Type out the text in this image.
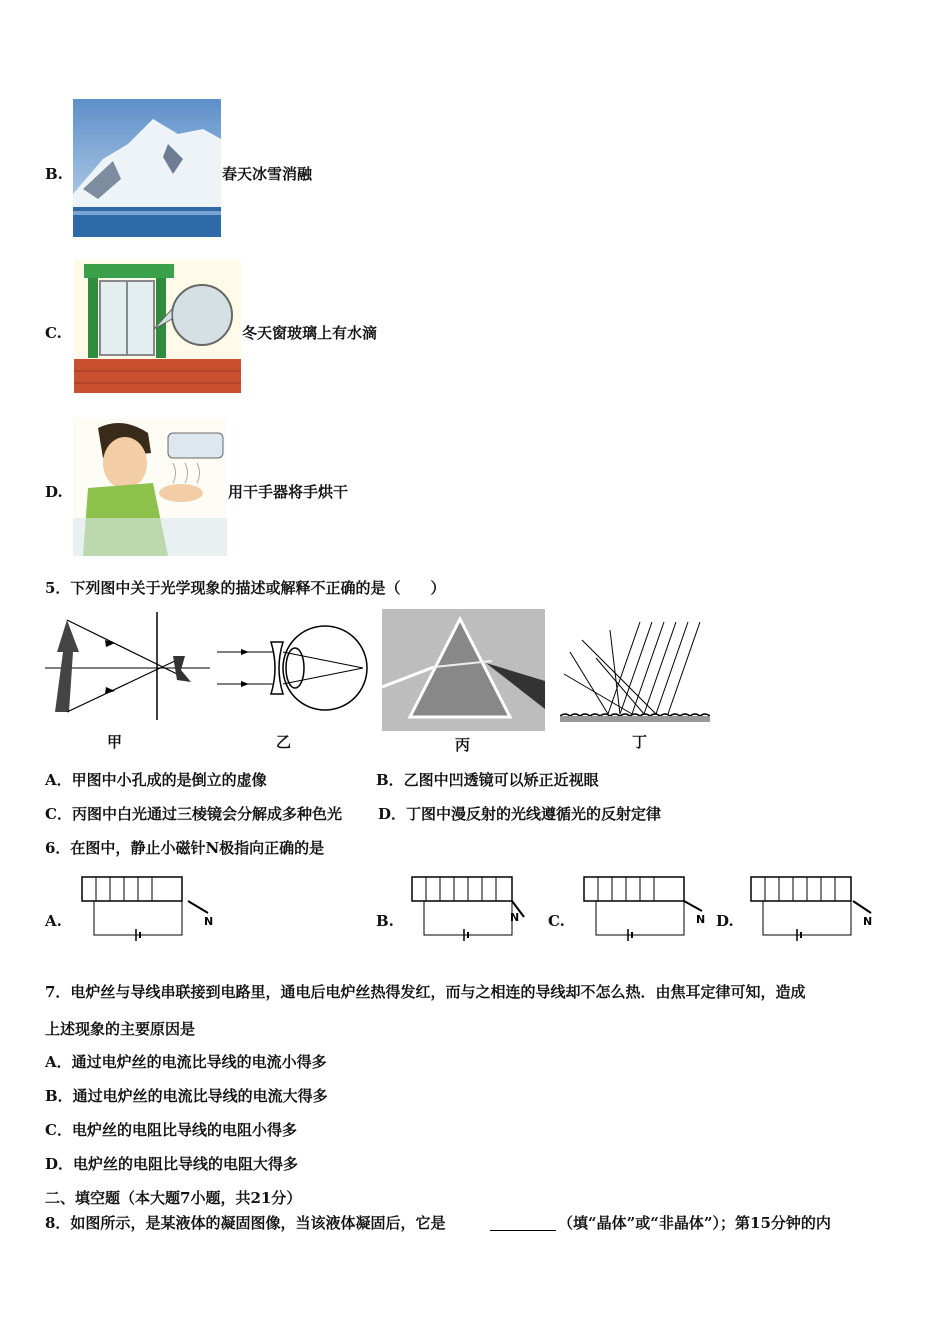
B.	春天冰雪消融
C.	冬天窗玻璃上有水滴
D.	用干手器将手烘干
5．下列图中关于光学现象的描述或解释不正确的是（　　）
甲	乙	丙	丁
A．甲图中小孔成的是倒立的虚像	B．乙图中凹透镜可以矫正近视眼
C．丙图中白光通过三棱镜会分解成多种色光 D．丁图中漫反射的光线遵循光的反射定律
6．在图中，静止小磁针N极指向正确的是
A.	N	B.	N C.	N D.	N
7．电炉丝与导线串联接到电路里，通电后电炉丝热得发红，而与之相连的导线却不怎么热．由焦耳定律可知，造成
上述现象的主要原因是
A．通过电炉丝的电流比导线的电流小得多
B．通过电炉丝的电流比导线的电流大得多
C．电炉丝的电阻比导线的电阻小得多
D．电炉丝的电阻比导线的电阻大得多
二、填空题（本大题7小题，共21分）
8．如图所示，是某液体的凝固图像，当该液体凝固后，它是	（填“晶体”或“非晶体”）；第15分钟的内
